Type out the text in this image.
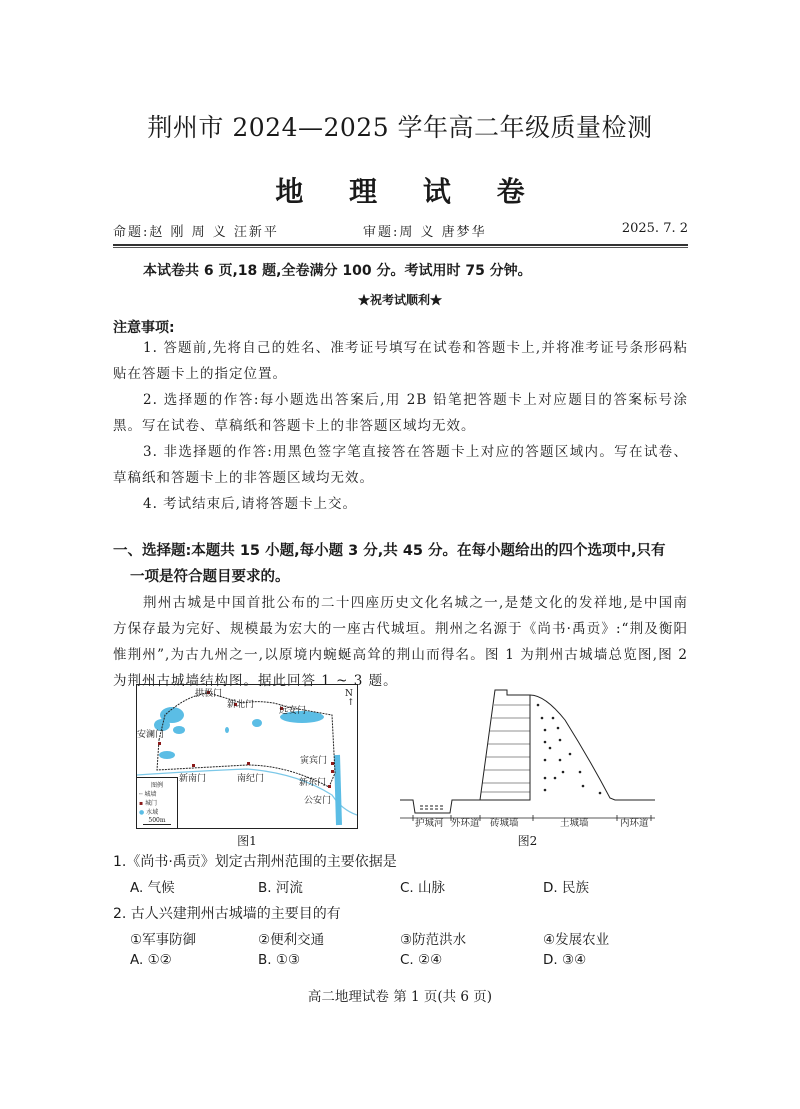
荆州市 2024—2025 学年高二年级质量检测
地 理 试 卷
命题:赵 刚 周 义 汪新平	审题:周 义 唐梦华	2025. 7. 2
本试卷共 6 页,18 题,全卷满分 100 分。考试用时 75 分钟。
★祝考试顺利★
注意事项:
1. 答题前,先将自己的姓名、准考证号填写在试卷和答题卡上,并将准考证号条形码粘贴在答题卡上的指定位置。
2. 选择题的作答:每小题选出答案后,用 2B 铅笔把答题卡上对应题目的答案标号涂黑。写在试卷、草稿纸和答题卡上的非答题区域均无效。
3. 非选择题的作答:用黑色签字笔直接答在答题卡上对应的答题区域内。写在试卷、草稿纸和答题卡上的非答题区域均无效。
4. 考试结束后,请将答题卡上交。
一、选择题:本题共 15 小题,每小题 3 分,共 45 分。在每小题给出的四个选项中,只有
一项是符合题目要求的。
荆州古城是中国首批公布的二十四座历史文化名城之一,是楚文化的发祥地,是中国南方保存最为完好、规模最为宏大的一座古代城垣。荆州之名源于《尚书·禹贡》:“荆及衡阳惟荆州”,为古九州之一,以原境内蜿蜒高耸的荆山而得名。图 1 为荆州古城墙总览图,图 2 为荆州古城墙结构图。据此回答 1 ~ 3 题。
拱极门
新北门
远安门
安澜门
寅宾门
新东门
公安门
新南门	南纪门
N
↑
图例
┄ 城墙
▪ 城门
● 水域
500m
图1
护城河 外环道 砖城墙	土城墙	内环道
图2
1.《尚书·禹贡》划定古荆州范围的主要依据是
A. 气候	B. 河流	C. 山脉	D. 民族
2. 古人兴建荆州古城墙的主要目的有
①军事防御	②便利交通	③防范洪水	④发展农业
A. ①②	B. ①③	C. ②④	D. ③④
高二地理试卷 第 1 页(共 6 页)
